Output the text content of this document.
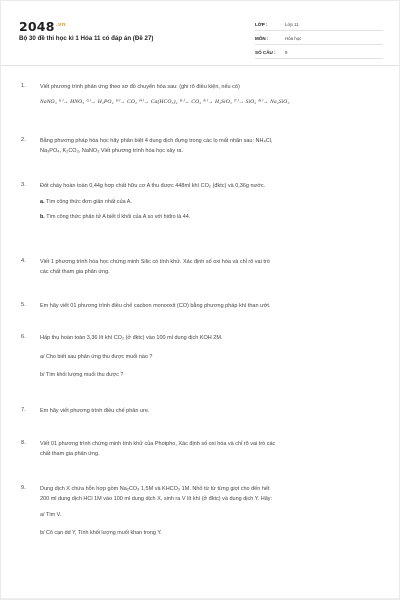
$2048^{.vn}$
Bộ 30 đề thi học kì 1 Hóa 11 có đáp án (Đề 27)
LỚP :	Lớp 11
MÔN :	Hóa học
SỐ CÂU :	9
1.	Viết phương trình phản ứng theo sơ đồ chuyển hóa sau: (ghi rõ điều kiện, nếu có)
NaNO₃ ⁽¹⁾→ HNO₃ ⁽²⁾→ H₃PO₄ ⁽³⁾→ CO₂ ⁽⁴⁾→ Ca(HCO₃)₂ ⁽⁵⁾→ CO₂ ⁽⁶⁾→ H₂SiO₃ ⁽⁷⁾→ SiO₂ ⁽⁸⁾→ Na₂SiO₃
2.	Bằng phương pháp hóa học hãy phân biệt 4 dung dịch đựng trong các lọ mất nhãn sau: NH₄Cl,
Na₃PO₄, K₂CO₃, NaNO₃ Viết phương trình hóa học xảy ra.
3.	Đốt cháy hoàn toàn 0,44g hợp chất hữu cơ A thu được 448ml khí CO₂ (đktc) và 0,36g nước.
a. Tìm công thức đơn giản nhất của A.
b. Tìm công thức phân tử A biết tỉ khối của A so với hiđro là 44.
4.	Viết 1 phương trình hóa học chứng minh Silic có tính khử. Xác định số oxi hóa và chỉ rõ vai trò
các chất tham gia phản ứng.
5.	Em hãy viết 01 phương trình điều chế cacbon monooxit (CO) bằng phương pháp khí than ướt.
6.	Hấp thụ hoàn toàn 3,36 lít khí CO₂ (ở đktc) vào 100 ml dung dịch KOH 2M.
a/ Cho biết sau phản ứng thu được muối nào ?
b/ Tìm khối lượng muối thu được ?
7.	Em hãy viết phương trình điều chế phân ure.
8.	Viết 01 phương trình chứng minh tính khử của Photpho, Xác định số oxi hóa và chỉ rõ vai trò các
chất tham gia phản ứng.
9.	Dung dịch X chứa hỗn hợp gồm Na₂CO₃ 1,5M và KHCO₃ 1M. Nhỏ từ từ từng giọt cho đến hết
200 ml dung dịch HCl 1M vào 100 ml dung dịch X, sinh ra V lít khí (ở đktc) và dung dịch Y. Hãy:
a/ Tìm V.
b/ Cô cạn dd Y, Tính khối lượng muối khan trong Y.
